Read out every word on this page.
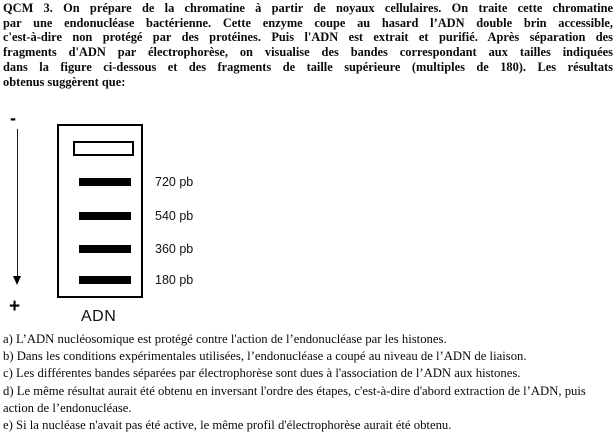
QCM 3. On prépare de la chromatine à partir de noyaux cellulaires. On traite cette chromatine
par une endonucléase bactérienne. Cette enzyme coupe au hasard l’ADN double brin accessible,
c'est-à-dire non protégé par des protéines. Puis l'ADN est extrait et purifié. Après séparation des
fragments d'ADN par électrophorèse, on visualise des bandes correspondant aux tailles indiquées
dans la figure ci-dessous et des fragments de taille supérieure (multiples de 180). Les résultats
obtenus suggèrent que:
-
+
720 pb
540 pb
360 pb
180 pb
ADN
a) L’ADN nucléosomique est protégé contre l'action de l’endonucléase par les histones.
b) Dans les conditions expérimentales utilisées, l’endonucléase a coupé au niveau de l’ADN de liaison.
c) Les différentes bandes séparées par électrophorèse sont dues à l'association de l’ADN aux histones.
d) Le même résultat aurait été obtenu en inversant l'ordre des étapes, c'est-à-dire d'abord extraction de l’ADN, puis action de l’endonucléase.
e) Si la nucléase n'avait pas été active, le même profil d'électrophorèse aurait été obtenu.
